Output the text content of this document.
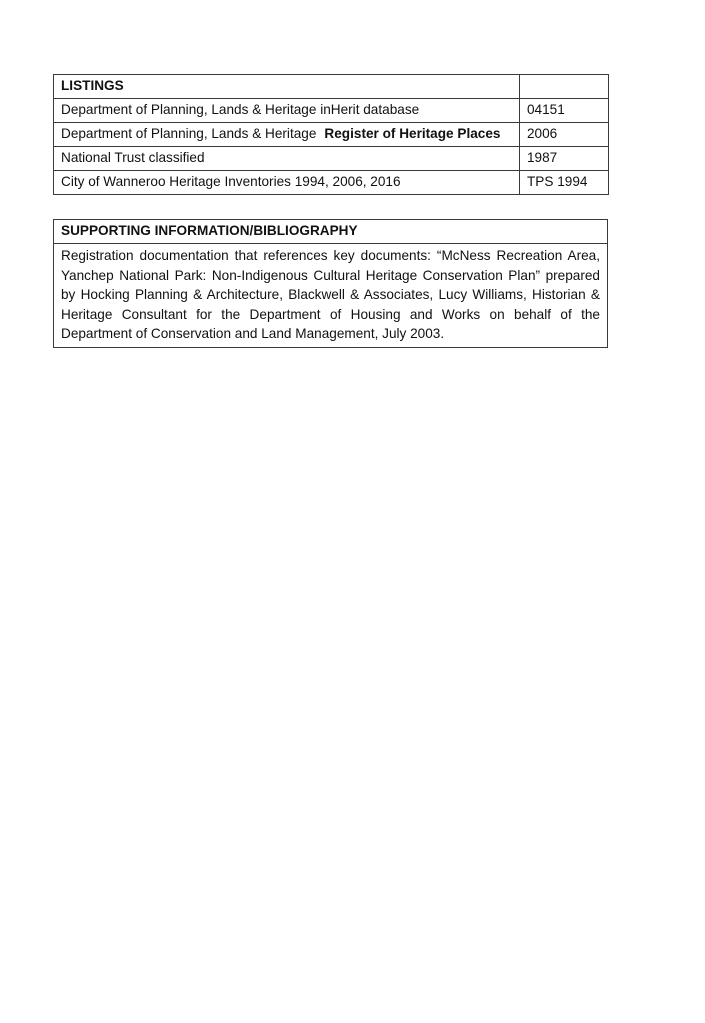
LISTINGS	
Department of Planning, Lands & Heritage inHerit database	04151
Department of Planning, Lands & Heritage Register of Heritage Places	2006
National Trust classified	1987
City of Wanneroo Heritage Inventories 1994, 2006, 2016	TPS 1994
SUPPORTING INFORMATION/BIBLIOGRAPHY
Registration documentation that references key documents: “McNess Recreation Area, Yanchep National Park: Non-Indigenous Cultural Heritage Conservation Plan” prepared by Hocking Planning & Architecture, Blackwell & Associates, Lucy Williams, Historian & Heritage Consultant for the Department of Housing and Works on behalf of the Department of Conservation and Land Management, July 2003.
